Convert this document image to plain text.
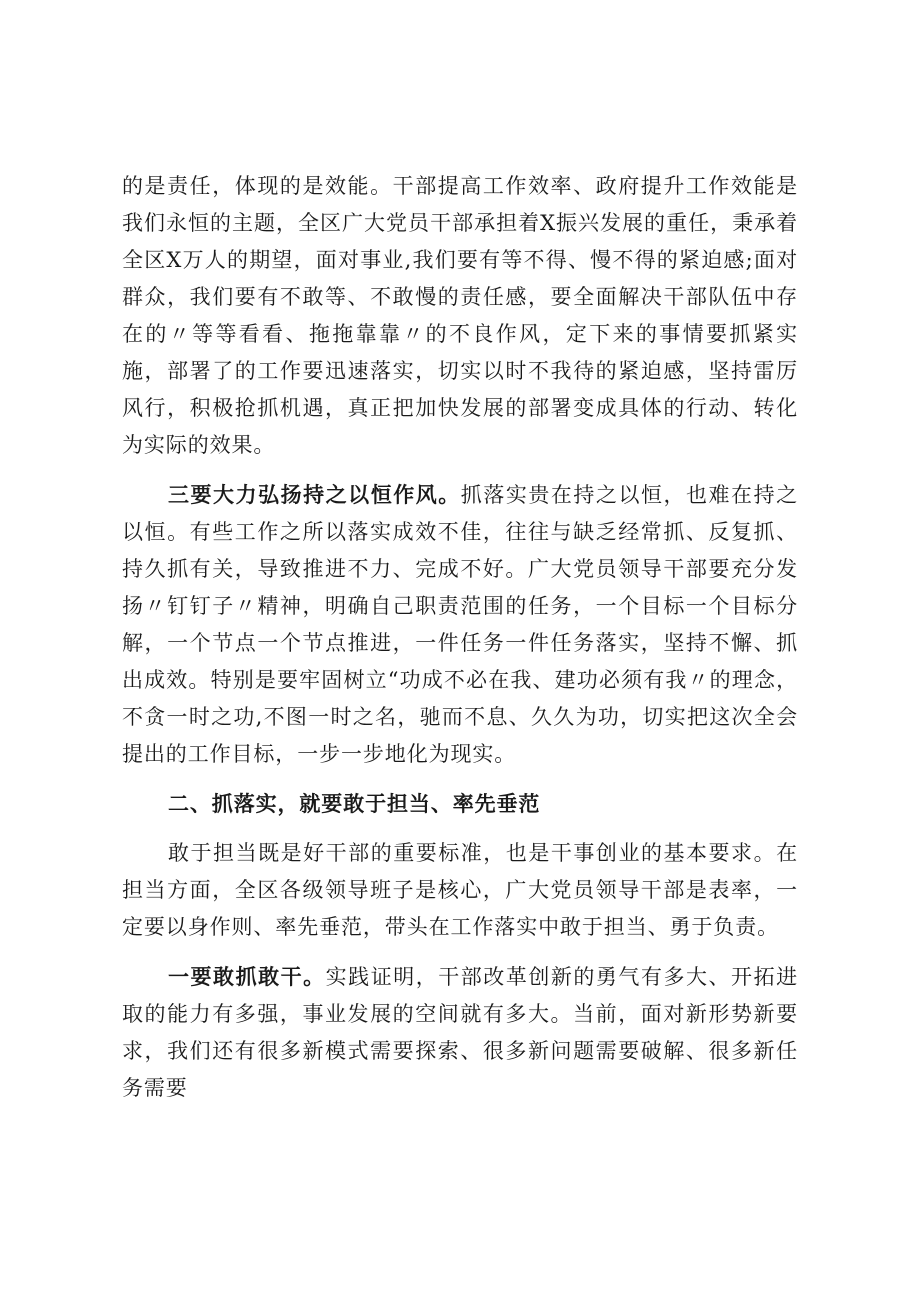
的是责任，体现的是效能。干部提高工作效率、政府提升工作效能是我们永恒的主题，全区广大党员干部承担着X振兴发展的重任，秉承着全区X万人的期望，面对事业,我们要有等不得、慢不得的紧迫感;面对群众，我们要有不敢等、不敢慢的责任感，要全面解决干部队伍中存在的〃等等看看、拖拖靠靠〃的不良作风，定下来的事情要抓紧实施，部署了的工作要迅速落实，切实以时不我待的紧迫感，坚持雷厉风行，积极抢抓机遇，真正把加快发展的部署变成具体的行动、转化为实际的效果。

三要大力弘扬持之以恒作风。抓落实贵在持之以恒，也难在持之以恒。有些工作之所以落实成效不佳，往往与缺乏经常抓、反复抓、持久抓有关，导致推进不力、完成不好。广大党员领导干部要充分发扬〃钉钉子〃精神，明确自己职责范围的任务，一个目标一个目标分解，一个节点一个节点推进，一件任务一件任务落实，坚持不懈、抓出成效。特别是要牢固树立“功成不必在我、建功必须有我〃的理念，不贪一时之功,不图一时之名，驰而不息、久久为功，切实把这次全会提出的工作目标，一步一步地化为现实。

二、抓落实，就要敢于担当、率先垂范

敢于担当既是好干部的重要标准，也是干事创业的基本要求。在担当方面，全区各级领导班子是核心，广大党员领导干部是表率，一定要以身作则、率先垂范，带头在工作落实中敢于担当、勇于负责。

一要敢抓敢干。实践证明，干部改革创新的勇气有多大、开拓进取的能力有多强，事业发展的空间就有多大。当前，面对新形势新要求，我们还有很多新模式需要探索、很多新问题需要破解、很多新任务需要
